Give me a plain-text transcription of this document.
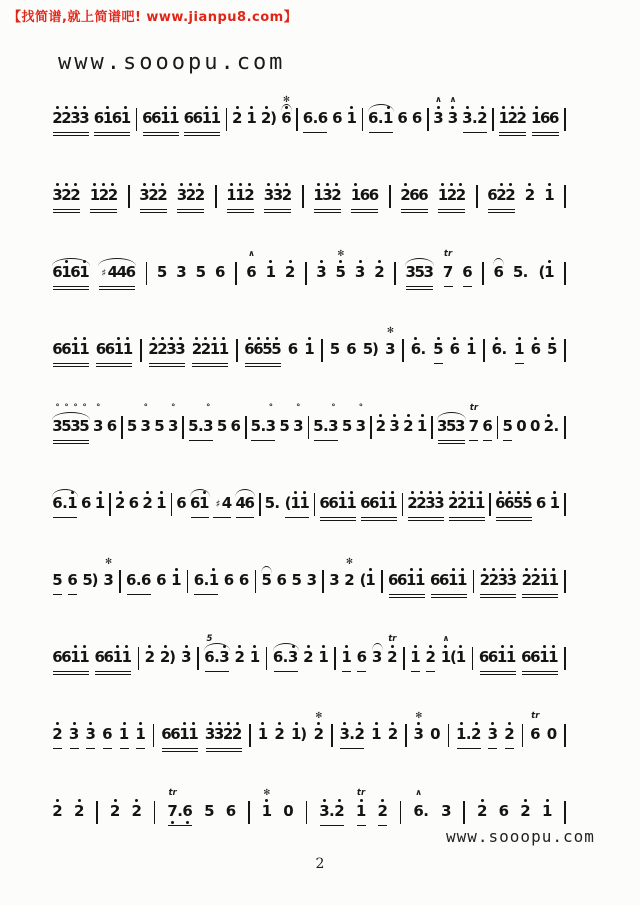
【找简谱,就上简谱吧! www.jianpu8.com】
www.sooopu.com
2
2
3
3 6
1
6
1 6
6
1
1 6
6
1
1 2 1 2
)
✻
6 6 . 6 6 1 6 . 1 6 6
∧
3
∧
3 3 . 2 1
2
2 1
6
6
3
2
2 1
2
2 3
2
2 3
2
2 1
1
2 3
3
2 1
3
2 1
6
6 2
6
6 1
2
2 6
2
2 2 1
6
1
6
1 ♯ 4
4
6 5 3 5 6
∧
6 1 2 3
✻
5 3 2 3
5
3
tr
7 6 6 5 . (
1
6
6
1
1 6
6
1
1 2
2
3
3 2
2
1
1 6
6
5
5 6 1 5 6 5
)
✻
3 6 . 5 6 1 6 . 1 6 5
°
3
°
5
°
3
°
5
°
3 6 5
°
3 5
°
3 5 .
°
3 5 6 5 .
°
3 5
°
3 5 .
°
3 5
°
3 2 3 2 1 3
5
3
tr
7 6 5 0 0 2 .
6 . 1 6 1 2 6 2 1 6 6
1 ♯ 4 4
6 5 . (
1
1 6
6
1
1 6
6
1
1 2
2
3
3 2
2
1
1 6
6
5
5 6 1
5 6 5
)
✻
3 6 . 6 6 1 6 . 1 6 6 5 6 5 3 3
✻
2 (
1 6
6
1
1 6
6
1
1 2
2
3
3 2
2
1
1
6
6
1
1 6
6
1
1 2 2
) 3
5
6 . 3 2 1 6 . 3 2 1 1 6 3
tr
2 1 2
∧
1
(
1 6
6
1
1 6
6
1
1
2 3 3 6 1 1 6
6
1
1 3
3
2
2 1 2 1
)
✻
2 3 . 2 1 2
✻
3 0 1 . 2 3 2
tr
6 0
2 2 2 2
tr
7 . 6 5 6
✻
1 0 3 . 2
tr
1 2
∧
6 . 3 2 6 2 1
www.sooopu.com
2
